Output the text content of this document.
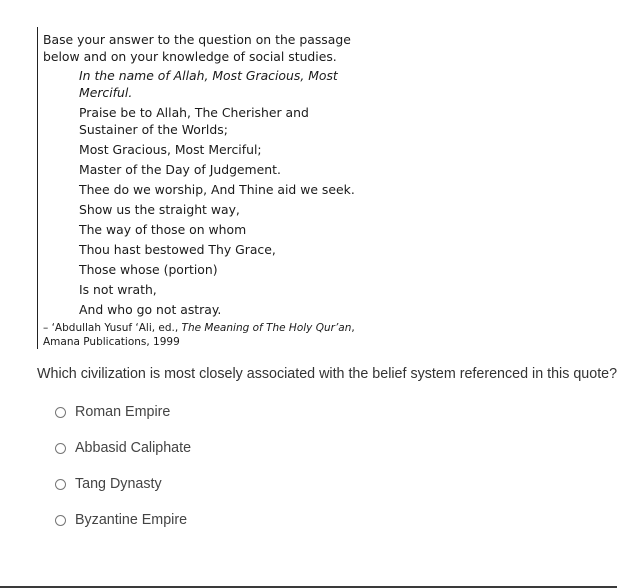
Base your answer to the question on the passage below and on your knowledge of social studies.
In the name of Allah, Most Gracious, Most Merciful.
Praise be to Allah, The Cherisher and Sustainer of the Worlds;
Most Gracious, Most Merciful;
Master of the Day of Judgement.
Thee do we worship, And Thine aid we seek.
Show us the straight way,
The way of those on whom
Thou hast bestowed Thy Grace,
Those whose (portion)
Is not wrath,
And who go not astray.
– ‘Abdullah Yusuf ‘Ali, ed., The Meaning of The Holy Qur’an,
Amana Publications, 1999
Which civilization is most closely associated with the belief system referenced in this quote?
Roman Empire
Abbasid Caliphate
Tang Dynasty
Byzantine Empire
